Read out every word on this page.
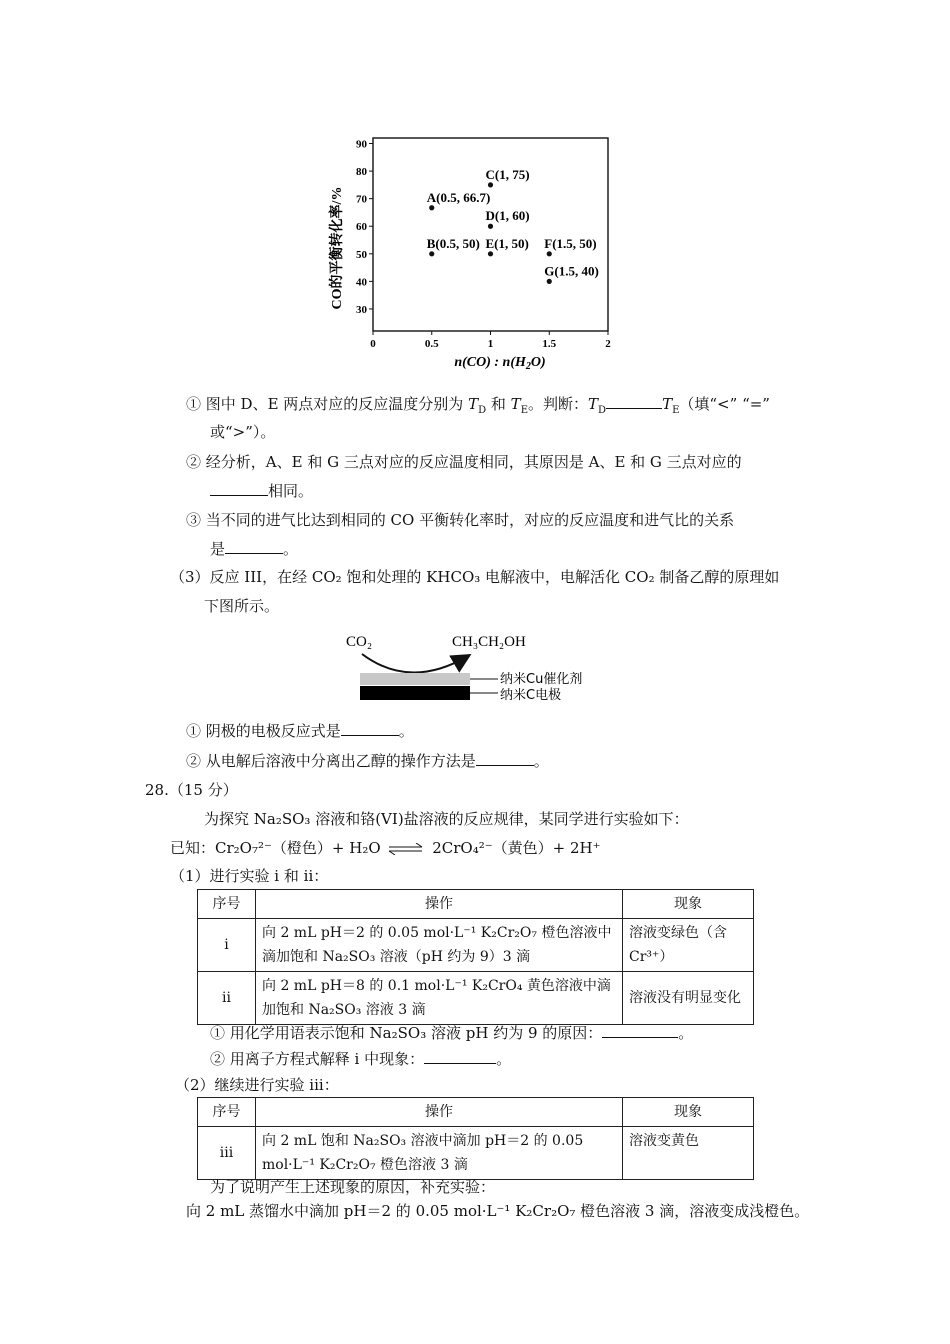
0	0.5	1	1.5	2
30
40
50
60
70
80
90
A(0.5, 66.7)
B(0.5, 50)
C(1, 75)
D(1, 60)
E(1, 50) F(1.5, 50)
G(1.5, 40)
CO的平衡转化率/%
n(CO) : $n(H_2O)$
① 图中 D、E 两点对应的反应温度分别为 $T_D$ 和 $T_E$。判断：$T_D$	$T_E$（填“<” “=”
或“>”）。
② 经分析，A、E 和 G 三点对应的反应温度相同，其原因是 A、E 和 G 三点对应的
相同。
③ 当不同的进气比达到相同的 CO 平衡转化率时，对应的反应温度和进气比的关系
是	。
（3）反应 III，在经 CO₂ 饱和处理的 KHCO₃ 电解液中，电解活化 CO₂ 制备乙醇的原理如
下图所示。
CO₂	CH₃CH₂OH
纳米Cu催化剂
纳米C电极
① 阴极的电极反应式是	。
② 从电解后溶液中分离出乙醇的操作方法是	。
28.（15 分）
为探究 Na₂SO₃ 溶液和铬(VI)盐溶液的反应规律，某同学进行实验如下：
已知：Cr₂O₇²⁻（橙色）+ H₂O ⇌ 2CrO₄²⁻（黄色）+ 2H⁺
（1）进行实验 i 和 ii：
序号	操作	现象
i	向 2 mL pH＝2 的 0.05 mol·L⁻¹ K₂Cr₂O₇ 橙色溶液中滴加饱和 Na₂SO₃ 溶液（pH 约为 9）3 滴	溶液变绿色（含 Cr³⁺）
ii	向 2 mL pH＝8 的 0.1 mol·L⁻¹ K₂CrO₄ 黄色溶液中滴加饱和 Na₂SO₃ 溶液 3 滴	溶液没有明显变化
① 用化学用语表示饱和 Na₂SO₃ 溶液 pH 约为 9 的原因：	。
② 用离子方程式解释 i 中现象：	。
（2）继续进行实验 iii：
序号	操作	现象
iii	向 2 mL 饱和 Na₂SO₃ 溶液中滴加 pH＝2 的 0.05 mol·L⁻¹ K₂Cr₂O₇ 橙色溶液 3 滴	溶液变黄色
为了说明产生上述现象的原因，补充实验：
向 2 mL 蒸馏水中滴加 pH＝2 的 0.05 mol·L⁻¹ K₂Cr₂O₇ 橙色溶液 3 滴，溶液变成浅橙色。
